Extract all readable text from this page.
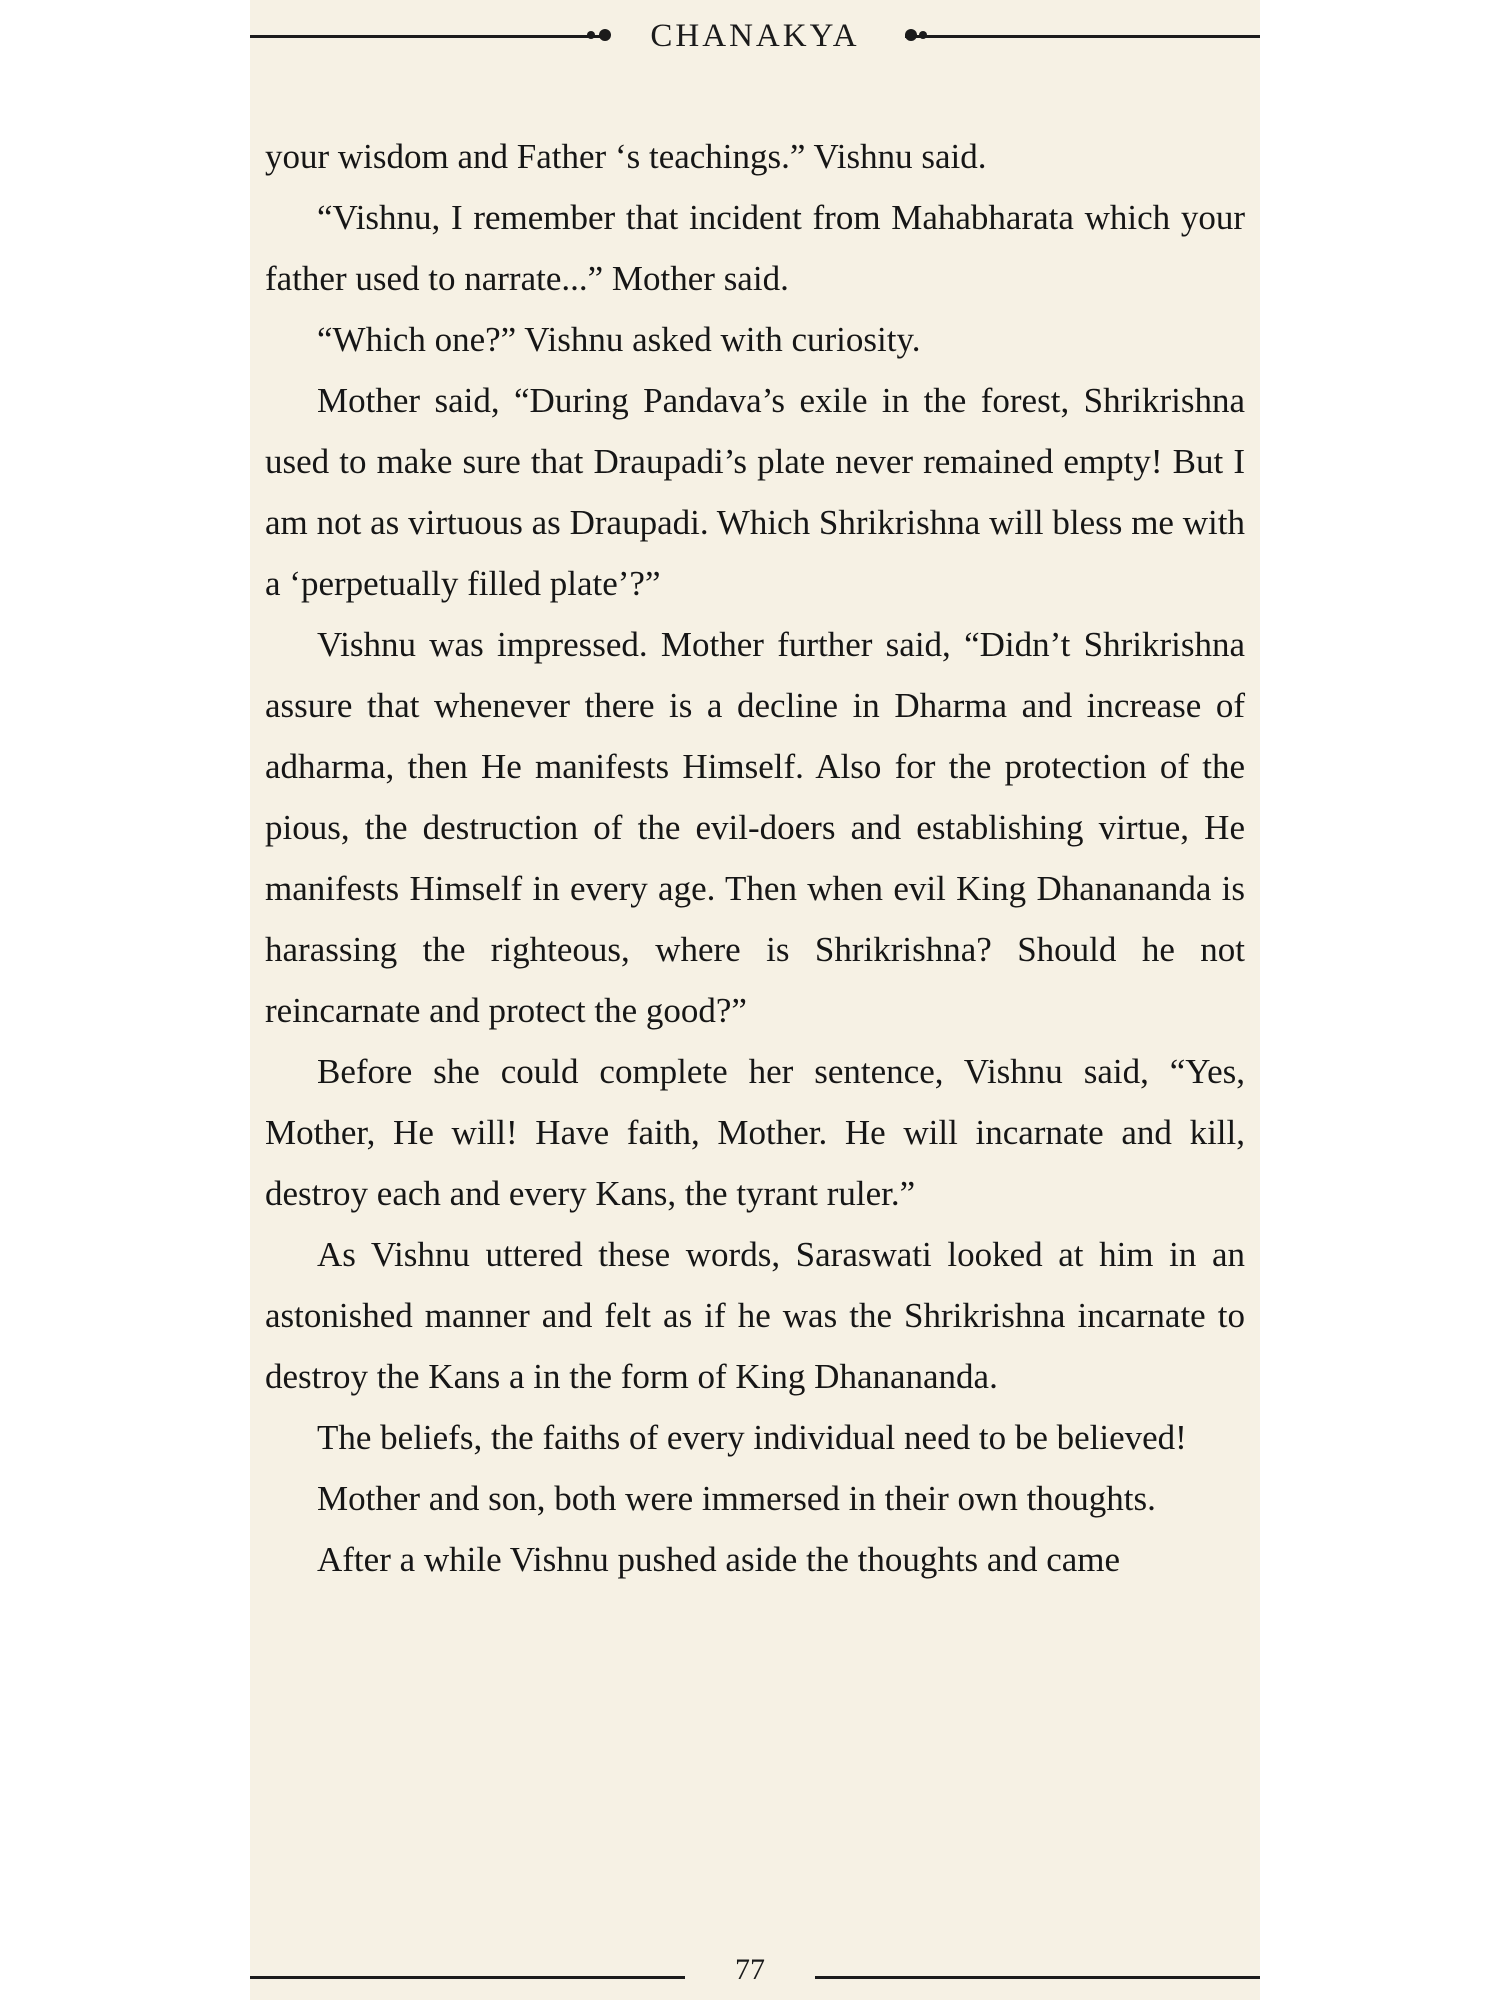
CHANAKYA

your wisdom and Father ‘s teachings.” Vishnu said.

“Vishnu, I remember that incident from Mahabharata which your father used to narrate...” Mother said.

“Which one?” Vishnu asked with curiosity.

Mother said, “During Pandava’s exile in the forest, Shrikrishna used to make sure that Draupadi’s plate never remained empty! But I am not as virtuous as Draupadi. Which Shrikrishna will bless me with a ‘perpetually filled plate’?”

Vishnu was impressed. Mother further said, “Didn’t Shrikrishna assure that whenever there is a decline in Dharma and increase of adharma, then He manifests Himself. Also for the protection of the pious, the destruction of the evil-doers and establishing virtue, He manifests Himself in every age. Then when evil King Dhanananda is harassing the righteous, where is Shrikrishna? Should he not reincarnate and protect the good?”

Before she could complete her sentence, Vishnu said, “Yes, Mother, He will! Have faith, Mother. He will incarnate and kill, destroy each and every Kans, the tyrant ruler.”

As Vishnu uttered these words, Saraswati looked at him in an astonished manner and felt as if he was the Shrikrishna incarnate to destroy the Kans a in the form of King Dhanananda.

The beliefs, the faiths of every individual need to be believed!

Mother and son, both were immersed in their own thoughts.

After a while Vishnu pushed aside the thoughts and came

77
